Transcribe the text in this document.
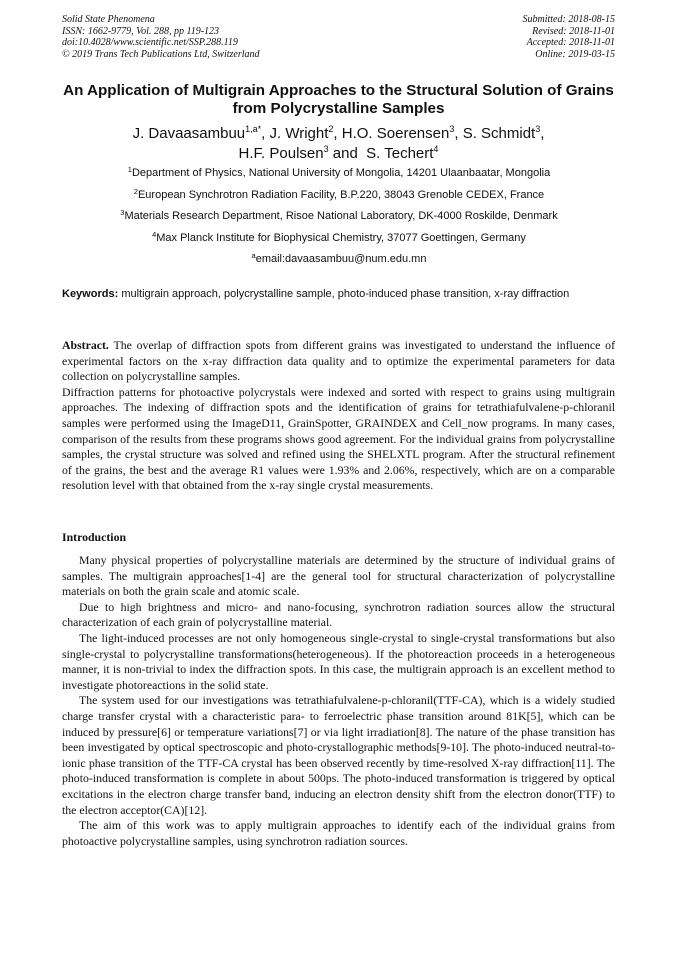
Solid State Phenomena
ISSN: 1662-9779, Vol. 288, pp 119-123
doi:10.4028/www.scientific.net/SSP.288.119
© 2019 Trans Tech Publications Ltd, Switzerland
Submitted: 2018-08-15
Revised: 2018-11-01
Accepted: 2018-11-01
Online: 2019-03-15
An Application of Multigrain Approaches to the Structural Solution of Grains from Polycrystalline Samples
J. Davaasambuu$^{1,a*}$, J. Wright$^2$, H.O. Soerensen$^3$, S. Schmidt$^3$,
H.F. Poulsen$^3$ and  S. Techert$^4$
$^1$Department of Physics, National University of Mongolia, 14201 Ulaanbaatar, Mongolia
$^2$European Synchrotron Radiation Facility, B.P.220, 38043 Grenoble CEDEX, France
$^3$Materials Research Department, Risoe National Laboratory, DK-4000 Roskilde, Denmark
$^4$Max Planck Institute for Biophysical Chemistry, 37077 Goettingen, Germany
$^a$email:davaasambuu@num.edu.mn
Keywords: multigrain approach, polycrystalline sample, photo-induced phase transition, x-ray diffraction

Abstract. The overlap of diffraction spots from different grains was investigated to understand the influence of experimental factors on the x-ray diffraction data quality and to optimize the experimental parameters for data collection on polycrystalline samples.

Diffraction patterns for photoactive polycrystals were indexed and sorted with respect to grains using multigrain approaches. The indexing of diffraction spots and the identification of grains for tetrathiafulvalene-p-chloranil samples were performed using the ImageD11, GrainSpotter, GRAINDEX and Cell_now programs. In many cases, comparison of the results from these programs shows good agreement. For the individual grains from polycrystalline samples, the crystal structure was solved and refined using the SHELXTL program. After the structural refinement of the grains, the best and the average R1 values were 1.93% and 2.06%, respectively, which are on a comparable resolution level with that obtained from the x-ray single crystal measurements.

Introduction

Many physical properties of polycrystalline materials are determined by the structure of individual grains of samples. The multigrain approaches[1-4] are the general tool for structural characterization of polycrystalline materials on both the grain scale and atomic scale.

Due to high brightness and micro- and nano-focusing, synchrotron radiation sources allow the structural characterization of each grain of polycrystalline material.

The light-induced processes are not only homogeneous single-crystal to single-crystal transformations but also single-crystal to polycrystalline transformations(heterogeneous). If the photoreaction proceeds in a heterogeneous manner, it is non-trivial to index the diffraction spots. In this case, the multigrain approach is an excellent method to investigate photoreactions in the solid state.

The system used for our investigations was tetrathiafulvalene-p-chloranil(TTF-CA), which is a widely studied charge transfer crystal with a characteristic para- to ferroelectric phase transition around 81K[5], which can be induced by pressure[6] or temperature variations[7] or via light irradiation[8]. The nature of the phase transition has been investigated by optical spectroscopic and photo-crystallographic methods[9-10]. The photo-induced neutral-to-ionic phase transition of the TTF-CA crystal has been observed recently by time-resolved X-ray diffraction[11]. The photo-induced transformation is complete in about 500ps. The photo-induced transformation is triggered by optical excitations in the electron charge transfer band, inducing an electron density shift from the electron donor(TTF) to the electron acceptor(CA)[12].

The aim of this work was to apply multigrain approaches to identify each of the individual grains from photoactive polycrystalline samples, using synchrotron radiation sources.
